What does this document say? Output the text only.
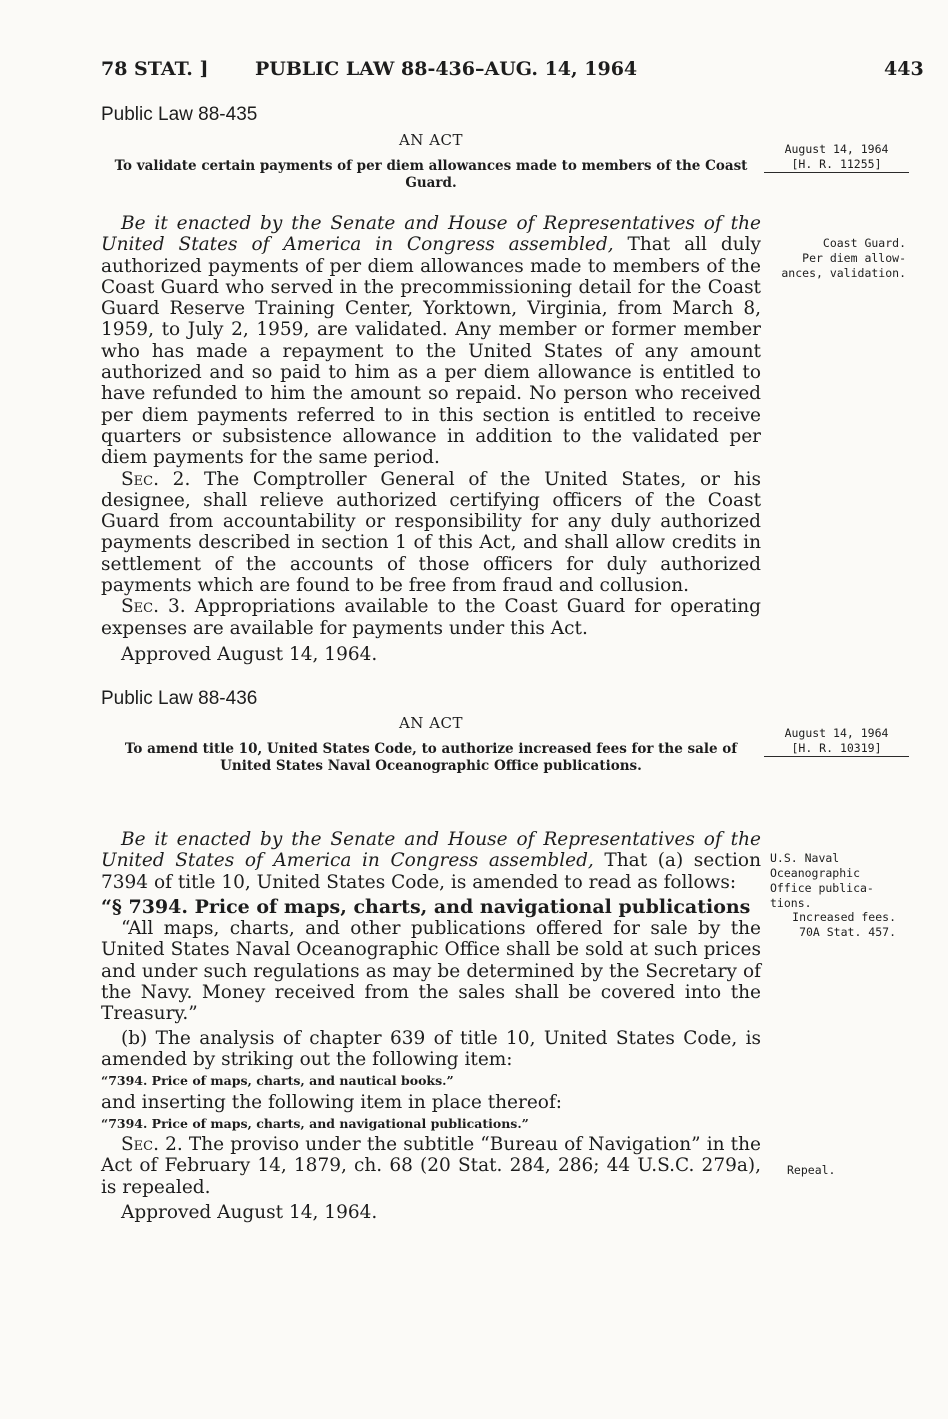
78 STAT. ] PUBLIC LAW 88-436–AUG. 14, 1964	443
Public Law 88-435
AN ACT
To validate certain payments of per diem allowances made to members of the Coast Guard.
August 14, 1964
[H. R. 11255]
Coast Guard.
Per diem allow-
ances, validation.

Be it enacted by the Senate and House of Representatives of the United States of America in Congress assembled, That all duly authorized payments of per diem allowances made to members of the Coast Guard who served in the precommissioning detail for the Coast Guard Reserve Training Center, Yorktown, Virginia, from March 8, 1959, to July 2, 1959, are validated. Any member or former member who has made a repayment to the United States of any amount authorized and so paid to him as a per diem allowance is entitled to have refunded to him the amount so repaid. No person who received per diem payments referred to in this section is entitled to receive quarters or subsistence allowance in addition to the validated per diem payments for the same period.

Sec. 2. The Comptroller General of the United States, or his designee, shall relieve authorized certifying officers of the Coast Guard from accountability or responsibility for any duly authorized payments described in section 1 of this Act, and shall allow credits in settlement of the accounts of those officers for duly authorized payments which are found to be free from fraud and collusion.

Sec. 3. Appropriations available to the Coast Guard for operating expenses are available for payments under this Act.

Approved August 14, 1964.

Public Law 88-436
AN ACT
To amend title 10, United States Code, to authorize increased fees for the sale of
United States Naval Oceanographic Office publications.
August 14, 1964
[H. R. 10319]
U.S. Naval
Oceanographic
Office publica-
tions.
Increased fees.
70A Stat. 457.
Repeal.

Be it enacted by the Senate and House of Representatives of the United States of America in Congress assembled, That (a) section 7394 of title 10, United States Code, is amended to read as follows:

“§ 7394. Price of maps, charts, and navigational publications

“All maps, charts, and other publications offered for sale by the United States Naval Oceanographic Office shall be sold at such prices and under such regulations as may be determined by the Secretary of the Navy. Money received from the sales shall be covered into the Treasury.”

(b) The analysis of chapter 639 of title 10, United States Code, is amended by striking out the following item:

“7394. Price of maps, charts, and nautical books.”

and inserting the following item in place thereof:

“7394. Price of maps, charts, and navigational publications.”

Sec. 2. The proviso under the subtitle “Bureau of Navigation” in the Act of February 14, 1879, ch. 68 (20 Stat. 284, 286; 44 U.S.C. 279a), is repealed.

Approved August 14, 1964.
